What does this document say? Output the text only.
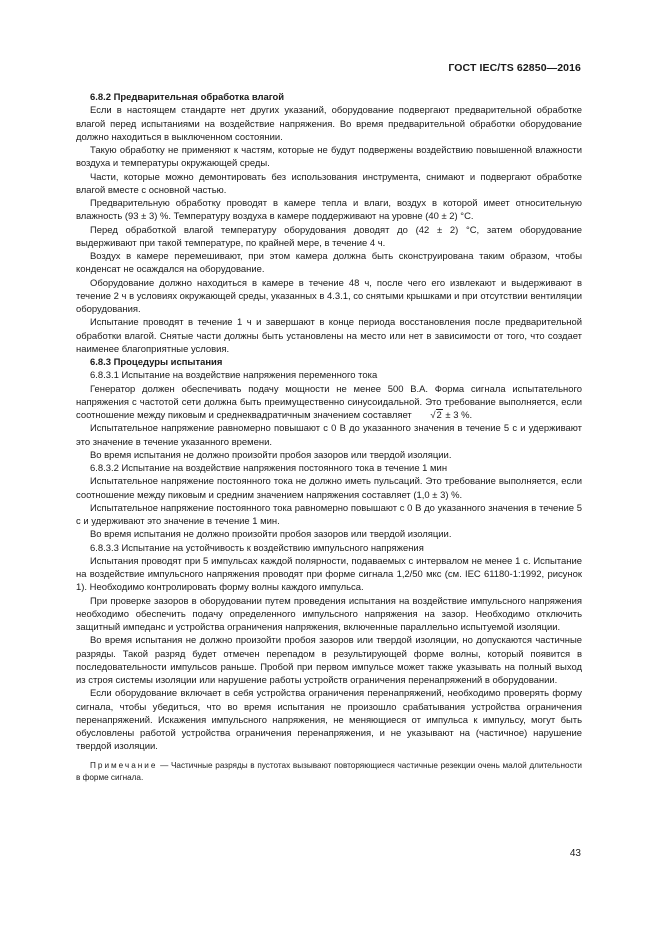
ГОСТ IEC/TS 62850—2016

6.8.2 Предварительная обработка влагой

Если в настоящем стандарте нет других указаний, оборудование подвергают предварительной обработке влагой перед испытаниями на воздействие напряжения. Во время предварительной обработки оборудование должно находиться в выключенном состоянии.

Такую обработку не применяют к частям, которые не будут подвержены воздействию повышенной влажности воздуха и температуры окружающей среды.

Части, которые можно демонтировать без использования инструмента, снимают и подвергают обработке влагой вместе с основной частью.

Предварительную обработку проводят в камере тепла и влаги, воздух в которой имеет относительную влажность (93 ± 3) %. Температуру воздуха в камере поддерживают на уровне (40 ± 2) °С.

Перед обработкой влагой температуру оборудования доводят до (42 ± 2) °С, затем оборудование выдерживают при такой температуре, по крайней мере, в течение 4 ч.

Воздух в камере перемешивают, при этом камера должна быть сконструирована таким образом, чтобы конденсат не осаждался на оборудование.

Оборудование должно находиться в камере в течение 48 ч, после чего его извлекают и выдерживают в течение 2 ч в условиях окружающей среды, указанных в 4.3.1, со снятыми крышками и при отсутствии вентиляции оборудования.

Испытание проводят в течение 1 ч и завершают в конце периода восстановления после предварительной обработки влагой. Снятые части должны быть установлены на место или нет в зависимости от того, что создает наименее благоприятные условия.

6.8.3 Процедуры испытания

6.8.3.1 Испытание на воздействие напряжения переменного тока

Генератор должен обеспечивать подачу мощности не менее 500 В.А. Форма сигнала испытательного напряжения с частотой сети должна быть преимущественно синусоидальной. Это требование выполняется, если соотношение между пиковым и среднеквадратичным значением составляет √2 ± 3 %.

Испытательное напряжение равномерно повышают с 0 В до указанного значения в течение 5 с и удерживают это значение в течение указанного времени.

Во время испытания не должно произойти пробоя зазоров или твердой изоляции.

6.8.3.2 Испытание на воздействие напряжения постоянного тока в течение 1 мин

Испытательное напряжение постоянного тока не должно иметь пульсаций. Это требование выполняется, если соотношение между пиковым и средним значением напряжения составляет (1,0 ± 3) %.

Испытательное напряжение постоянного тока равномерно повышают с 0 В до указанного значения в течение 5 с и удерживают это значение в течение 1 мин.

Во время испытания не должно произойти пробоя зазоров или твердой изоляции.

6.8.3.3 Испытание на устойчивость к воздействию импульсного напряжения

Испытания проводят при 5 импульсах каждой полярности, подаваемых с интервалом не менее 1 с. Испытание на воздействие импульсного напряжения проводят при форме сигнала 1,2/50 мкс (см. IEC 61180-1:1992, рисунок 1). Необходимо контролировать форму волны каждого импульса.

При проверке зазоров в оборудовании путем проведения испытания на воздействие импульсного напряжения необходимо обеспечить подачу определенного импульсного напряжения на зазор. Необходимо отключить защитный импеданс и устройства ограничения напряжения, включенные параллельно испытуемой изоляции.

Во время испытания не должно произойти пробоя зазоров или твердой изоляции, но допускаются частичные разряды. Такой разряд будет отмечен перепадом в результирующей форме волны, который появится в последовательности импульсов раньше. Пробой при первом импульсе может также указывать на полный выход из строя системы изоляции или нарушение работы устройств ограничения перенапряжений в оборудовании.

Если оборудование включает в себя устройства ограничения перенапряжений, необходимо проверять форму сигнала, чтобы убедиться, что во время испытания не произошло срабатывания устройства ограничения перенапряжений. Искажения импульсного напряжения, не меняющиеся от импульса к импульсу, могут быть обусловлены работой устройства ограничения перенапряжения, и не указывают на (частичное) нарушение твердой изоляции.

Примечание — Частичные разряды в пустотах вызывают повторяющиеся частичные резекции очень малой длительности в форме сигнала.

43
